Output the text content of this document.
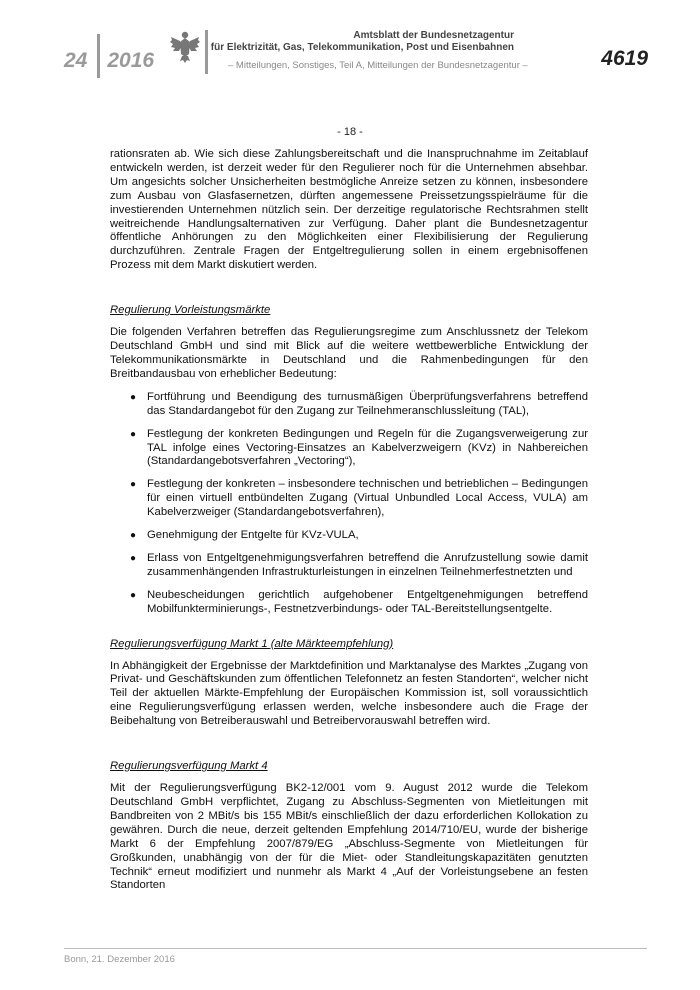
24 2016
Amtsblatt der Bundesnetzagentur
für Elektrizität, Gas, Telekommunikation, Post und Eisenbahnen
– Mitteilungen, Sonstiges, Teil A, Mitteilungen der Bundesnetzagentur –	4619
- 18 -

rationsraten ab. Wie sich diese Zahlungsbereitschaft und die Inanspruchnahme im Zeitablauf entwickeln werden, ist derzeit weder für den Regulierer noch für die Unternehmen absehbar. Um angesichts solcher Unsicherheiten bestmögliche Anreize setzen zu können, insbesondere zum Ausbau von Glasfasernetzen, dürften angemessene Preissetzungsspielräume für die investierenden Unternehmen nützlich sein. Der derzeitige regulatorische Rechtsrahmen stellt weitreichende Handlungsalternativen zur Verfügung. Daher plant die Bundesnetzagentur öffentliche Anhörungen zu den Möglichkeiten einer Flexibilisierung der Regulierung durchzuführen. Zentrale Fragen der Entgeltregulierung sollen in einem ergebnisoffenen Prozess mit dem Markt diskutiert werden.

Regulierung Vorleistungsmärkte

Die folgenden Verfahren betreffen das Regulierungsregime zum Anschlussnetz der Telekom Deutschland GmbH und sind mit Blick auf die weitere wettbewerbliche Entwicklung der Telekommunikationsmärkte in Deutschland und die Rahmenbedingungen für den Breitbandausbau von erheblicher Bedeutung:

● Fortführung und Beendigung des turnusmäßigen Überprüfungsverfahrens betreffend das Standardangebot für den Zugang zur Teilnehmeranschlussleitung (TAL),
● Festlegung der konkreten Bedingungen und Regeln für die Zugangsverweigerung zur TAL infolge eines Vectoring-Einsatzes an Kabelverzweigern (KVz) in Nahbereichen (Standardangebotsverfahren „Vectoring“),
● Festlegung der konkreten – insbesondere technischen und betrieblichen – Bedingungen für einen virtuell entbündelten Zugang (Virtual Unbundled Local Access, VULA) am Kabelverzweiger (Standardangebotsverfahren),
● Genehmigung der Entgelte für KVz-VULA,
● Erlass von Entgeltgenehmigungsverfahren betreffend die Anrufzustellung sowie damit zusammenhängenden Infrastrukturleistungen in einzelnen Teilnehmerfestnetzten und
● Neubescheidungen gerichtlich aufgehobener Entgeltgenehmigungen betreffend Mobilfunkterminierungs-, Festnetzverbindungs- oder TAL-Bereitstellungsentgelte.
Regulierungsverfügung Markt 1 (alte Märkteempfehlung)

In Abhängigkeit der Ergebnisse der Marktdefinition und Marktanalyse des Marktes „Zugang von Privat- und Geschäftskunden zum öffentlichen Telefonnetz an festen Standorten“, welcher nicht Teil der aktuellen Märkte-Empfehlung der Europäischen Kommission ist, soll voraussichtlich eine Regulierungsverfügung erlassen werden, welche insbesondere auch die Frage der Beibehaltung von Betreiberauswahl und Betreibervorauswahl betreffen wird.

Regulierungsverfügung Markt 4

Mit der Regulierungsverfügung BK2-12/001 vom 9. August 2012 wurde die Telekom Deutschland GmbH verpflichtet, Zugang zu Abschluss-Segmenten von Mietleitungen mit Bandbreiten von 2 MBit/s bis 155 MBit/s einschließlich der dazu erforderlichen Kollokation zu gewähren. Durch die neue, derzeit geltenden Empfehlung 2014/710/EU, wurde der bisherige Markt 6 der Empfehlung 2007/879/EG „Abschluss-Segmente von Mietleitungen für Großkunden, unabhängig von der für die Miet- oder Standleitungskapazitäten genutzten Technik“ erneut modifiziert und nunmehr als Markt 4 „Auf der Vorleistungsebene an festen Standorten

Bonn, 21. Dezember 2016
